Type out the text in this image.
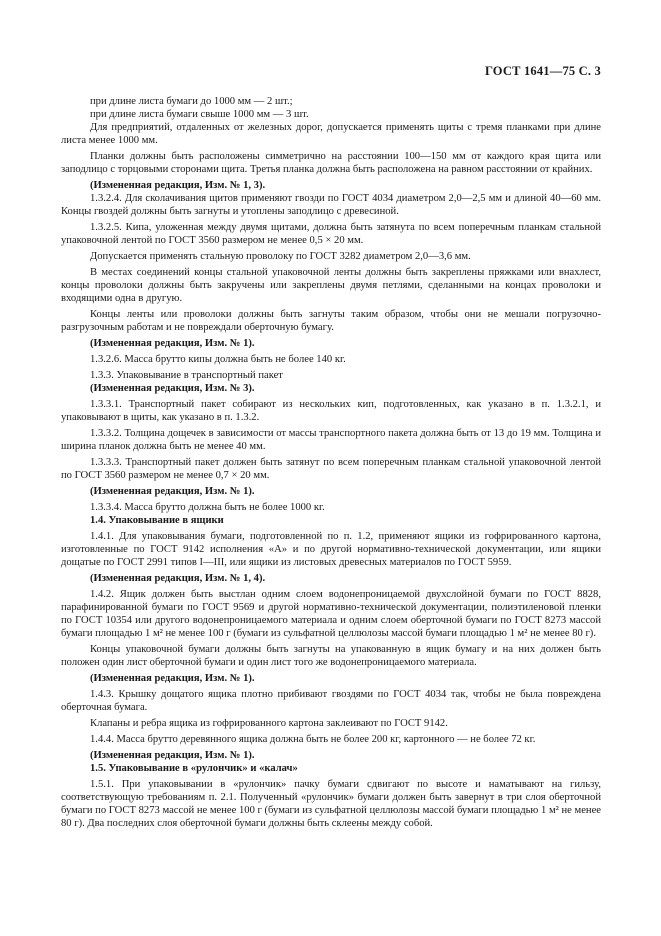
ГОСТ 1641—75 С. 3

при длине листа бумаги до 1000 мм — 2 шт.;

при длине листа бумаги свыше 1000 мм — 3 шт.

Для предприятий, отдаленных от железных дорог, допускается применять щиты с тремя планками при длине листа менее 1000 мм.

Планки должны быть расположены симметрично на расстоянии 100—150 мм от каждого края щита или заподлицо с торцовыми сторонами щита. Третья планка должна быть расположена на равном расстоянии от крайних.

(Измененная редакция, Изм. № 1, 3).

1.3.2.4. Для сколачивания щитов применяют гвозди по ГОСТ 4034 диаметром 2,0—2,5 мм и длиной 40—60 мм. Концы гвоздей должны быть загнуты и утоплены заподлицо с древесиной.

1.3.2.5. Кипа, уложенная между двумя щитами, должна быть затянута по всем поперечным планкам стальной упаковочной лентой по ГОСТ 3560 размером не менее 0,5 × 20 мм.

Допускается применять стальную проволоку по ГОСТ 3282 диаметром 2,0—3,6 мм.

В местах соединений концы стальной упаковочной ленты должны быть закреплены пряжками или внахлест, концы проволоки должны быть закручены или закреплены двумя петлями, сделанными на концах проволоки и входящими одна в другую.

Концы ленты или проволоки должны быть загнуты таким образом, чтобы они не мешали погрузочно-разгрузочным работам и не повреждали оберточную бумагу.

(Измененная редакция, Изм. № 1).

1.3.2.6. Масса брутто кипы должна быть не более 140 кг.

1.3.3. Упаковывание в транспортный пакет

(Измененная редакция, Изм. № 3).

1.3.3.1. Транспортный пакет собирают из нескольких кип, подготовленных, как указано в п. 1.3.2.1, и упаковывают в щиты, как указано в п. 1.3.2.

1.3.3.2. Толщина дощечек в зависимости от массы транспортного пакета должна быть от 13 до 19 мм. Толщина и ширина планок должна быть не менее 40 мм.

1.3.3.3. Транспортный пакет должен быть затянут по всем поперечным планкам стальной упаковочной лентой по ГОСТ 3560 размером не менее 0,7 × 20 мм.

(Измененная редакция, Изм. № 1).

1.3.3.4. Масса брутто должна быть не более 1000 кг.

1.4. Упаковывание в ящики

1.4.1. Для упаковывания бумаги, подготовленной по п. 1.2, применяют ящики из гофрированного картона, изготовленные по ГОСТ 9142 исполнения «А» и по другой нормативно-технической документации, или ящики дощатые по ГОСТ 2991 типов I—III, или ящики из листовых древесных материалов по ГОСТ 5959.

(Измененная редакция, Изм. № 1, 4).

1.4.2. Ящик должен быть выстлан одним слоем водонепроницаемой двухслойной бумаги по ГОСТ 8828, парафинированной бумаги по ГОСТ 9569 и другой нормативно-технической документации, полиэтиленовой пленки по ГОСТ 10354 или другого водонепроницаемого материала и одним слоем оберточной бумаги по ГОСТ 8273 массой бумаги площадью 1 м² не менее 100 г (бумаги из сульфатной целлюлозы массой бумаги площадью 1 м² не менее 80 г).

Концы упаковочной бумаги должны быть загнуты на упакованную в ящик бумагу и на них должен быть положен один лист оберточной бумаги и один лист того же водонепроницаемого материала.

(Измененная редакция, Изм. № 1).

1.4.3. Крышку дощатого ящика плотно прибивают гвоздями по ГОСТ 4034 так, чтобы не была повреждена оберточная бумага.

Клапаны и ребра ящика из гофрированного картона заклеивают по ГОСТ 9142.

1.4.4. Масса брутто деревянного ящика должна быть не более 200 кг, картонного — не более 72 кг.

(Измененная редакция, Изм. № 1).

1.5. Упаковывание в «рулончик» и «калач»

1.5.1. При упаковывании в «рулончик» пачку бумаги сдвигают по высоте и наматывают на гильзу, соответствующую требованиям п. 2.1. Полученный «рулончик» бумаги должен быть завернут в три слоя оберточной бумаги по ГОСТ 8273 массой не менее 100 г (бумаги из сульфатной целлюлозы массой бумаги площадью 1 м² не менее 80 г). Два последних слоя оберточной бумаги должны быть склеены между собой.
